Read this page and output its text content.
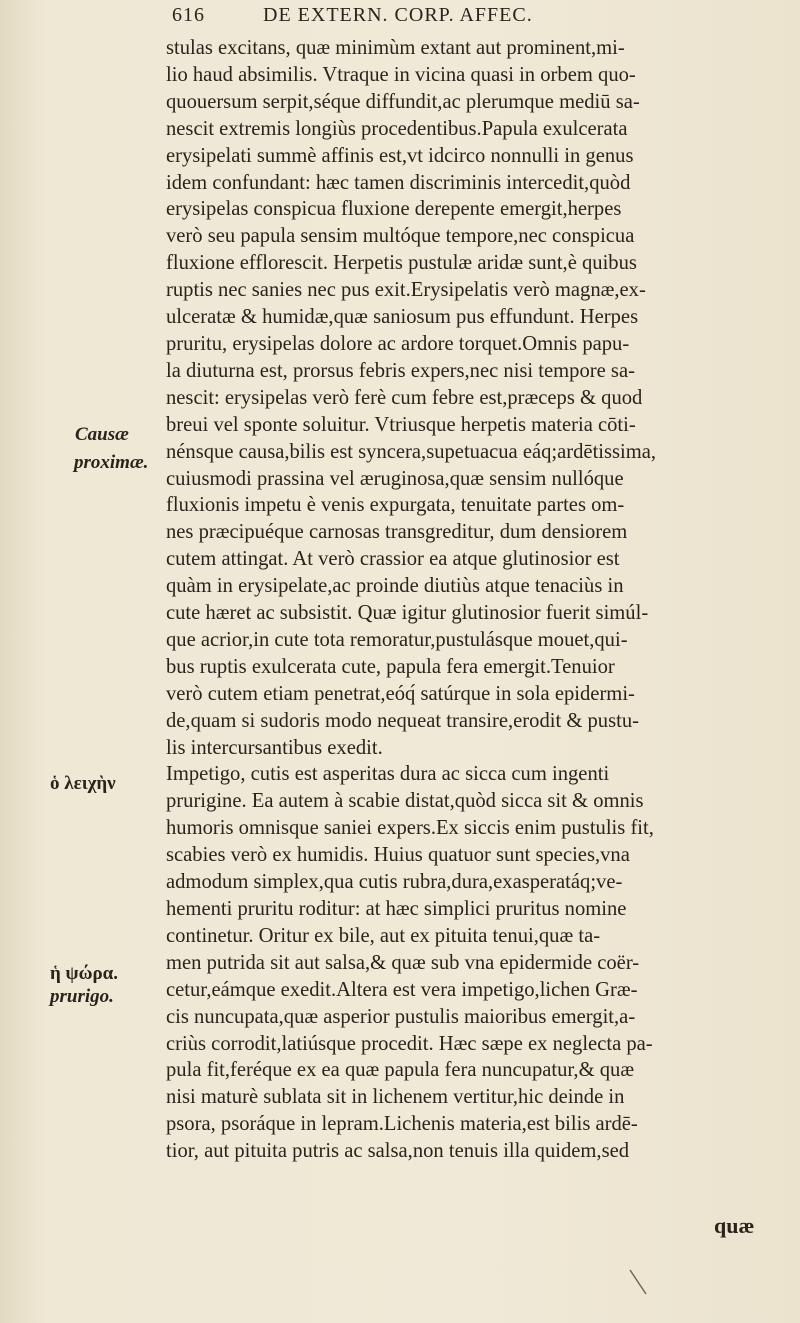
616	DE EXTERN. CORP. AFFEC.
stulas excitans, quæ minimùm extant aut prominent,mi-
lio haud absimilis. Vtraque in vicina quasi in orbem quo-
quouersum serpit,séque diffundit,ac plerumque mediū sa-
nescit extremis longiùs procedentibus.Papula exulcerata
erysipelati summè affinis est,vt idcirco nonnulli in genus
idem confundant: hæc tamen discriminis intercedit,quòd
erysipelas conspicua fluxione derepente emergit,herpes
verò seu papula sensim multóque tempore,nec conspicua
fluxione efflorescit. Herpetis pustulæ aridæ sunt,è quibus
ruptis nec sanies nec pus exit.Erysipelatis verò magnæ,ex-
ulceratæ & humidæ,quæ saniosum pus effundunt. Herpes
pruritu, erysipelas dolore ac ardore torquet.Omnis papu-
la diuturna est, prorsus febris expers,nec nisi tempore sa-
nescit: erysipelas verò ferè cum febre est,præceps & quod
breui vel sponte soluitur. Vtriusque herpetis materia cōti-
nénsque causa,bilis est syncera,supetuacua eáq;ardētissima,
cuiusmodi prassina vel æruginosa,quæ sensim nullóque
fluxionis impetu è venis expurgata, tenuitate partes om-
nes præcipuéque carnosas transgreditur, dum densiorem
cutem attingat. At verò crassior ea atque glutinosior est
quàm in erysipelate,ac proinde diutiùs atque tenaciùs in
cute hæret ac subsistit. Quæ igitur glutinosior fuerit simúl-
que acrior,in cute tota remoratur,pustulásque mouet,qui-
bus ruptis exulcerata cute, papula fera emergit.Tenuior
verò cutem etiam penetrat,eóq́ satúrque in sola epidermi-
de,quam si sudoris modo nequeat transire,erodit & pustu-
lis intercursantibus exedit.
Impetigo, cutis est asperitas dura ac sicca cum ingenti
prurigine. Ea autem à scabie distat,quòd sicca sit & omnis
humoris omnisque saniei expers.Ex siccis enim pustulis fit,
scabies verò ex humidis. Huius quatuor sunt species,vna
admodum simplex,qua cutis rubra,dura,exasperatáq;ve-
hementi pruritu roditur: at hæc simplici pruritus nomine
continetur. Oritur ex bile, aut ex pituita tenui,quæ ta-
men putrida sit aut salsa,& quæ sub vna epidermide coër-
cetur,eámque exedit.Altera est vera impetigo,lichen Græ-
cis nuncupata,quæ asperior pustulis maioribus emergit,a-
criùs corrodit,latiúsque procedit. Hæc sæpe ex neglecta pa-
pula fit,feréque ex ea quæ papula fera nuncupatur,& quæ
nisi maturè sublata sit in lichenem vertitur,hic deinde in
psora, psoráque in lepram.Lichenis materia,est bilis ardē-
tior, aut pituita putris ac salsa,non tenuis illa quidem,sed
Causæ
proximæ.
ὁ λειχὴν
ἡ ψώρα.
prurigo.
quæ
